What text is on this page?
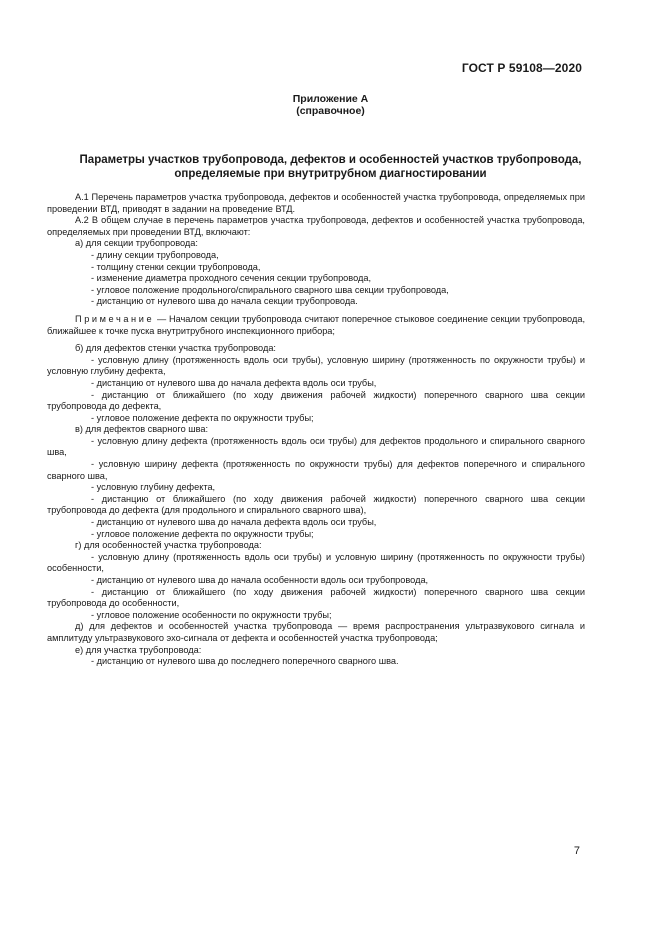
ГОСТ Р 59108—2020
Приложение А
(справочное)
Параметры участков трубопровода, дефектов и особенностей участков трубопровода,
определяемые при внутритрубном диагностировании

А.1 Перечень параметров участка трубопровода, дефектов и особенностей участка трубопровода, определяемых при проведении ВТД, приводят в задании на проведение ВТД.

А.2 В общем случае в перечень параметров участка трубопровода, дефектов и особенностей участка трубопровода, определяемых при проведении ВТД, включают:

а) для секции трубопровода:

- длину секции трубопровода,

- толщину стенки секции трубопровода,

- изменение диаметра проходного сечения секции трубопровода,

- угловое положение продольного/спирального сварного шва секции трубопровода,

- дистанцию от нулевого шва до начала секции трубопровода.

Примечание — Началом секции трубопровода считают поперечное стыковое соединение секции трубопровода, ближайшее к точке пуска внутритрубного инспекционного прибора;

б) для дефектов стенки участка трубопровода:

- условную длину (протяженность вдоль оси трубы), условную ширину (протяженность по окружности трубы) и условную глубину дефекта,

- дистанцию от нулевого шва до начала дефекта вдоль оси трубы,

- дистанцию от ближайшего (по ходу движения рабочей жидкости) поперечного сварного шва секции трубопровода до дефекта,

- угловое положение дефекта по окружности трубы;

в) для дефектов сварного шва:

- условную длину дефекта (протяженность вдоль оси трубы) для дефектов продольного и спирального сварного шва,

- условную ширину дефекта (протяженность по окружности трубы) для дефектов поперечного и спирального сварного шва,

- условную глубину дефекта,

- дистанцию от ближайшего (по ходу движения рабочей жидкости) поперечного сварного шва секции трубопровода до дефекта (для продольного и спирального сварного шва),

- дистанцию от нулевого шва до начала дефекта вдоль оси трубы,

- угловое положение дефекта по окружности трубы;

г) для особенностей участка трубопровода:

- условную длину (протяженность вдоль оси трубы) и условную ширину (протяженность по окружности трубы) особенности,

- дистанцию от нулевого шва до начала особенности вдоль оси трубопровода,

- дистанцию от ближайшего (по ходу движения рабочей жидкости) поперечного сварного шва секции трубопровода до особенности,

- угловое положение особенности по окружности трубы;

д) для дефектов и особенностей участка трубопровода — время распространения ультразвукового сигнала и амплитуду ультразвукового эхо-сигнала от дефекта и особенностей участка трубопровода;

е) для участка трубопровода:

- дистанцию от нулевого шва до последнего поперечного сварного шва.

7
